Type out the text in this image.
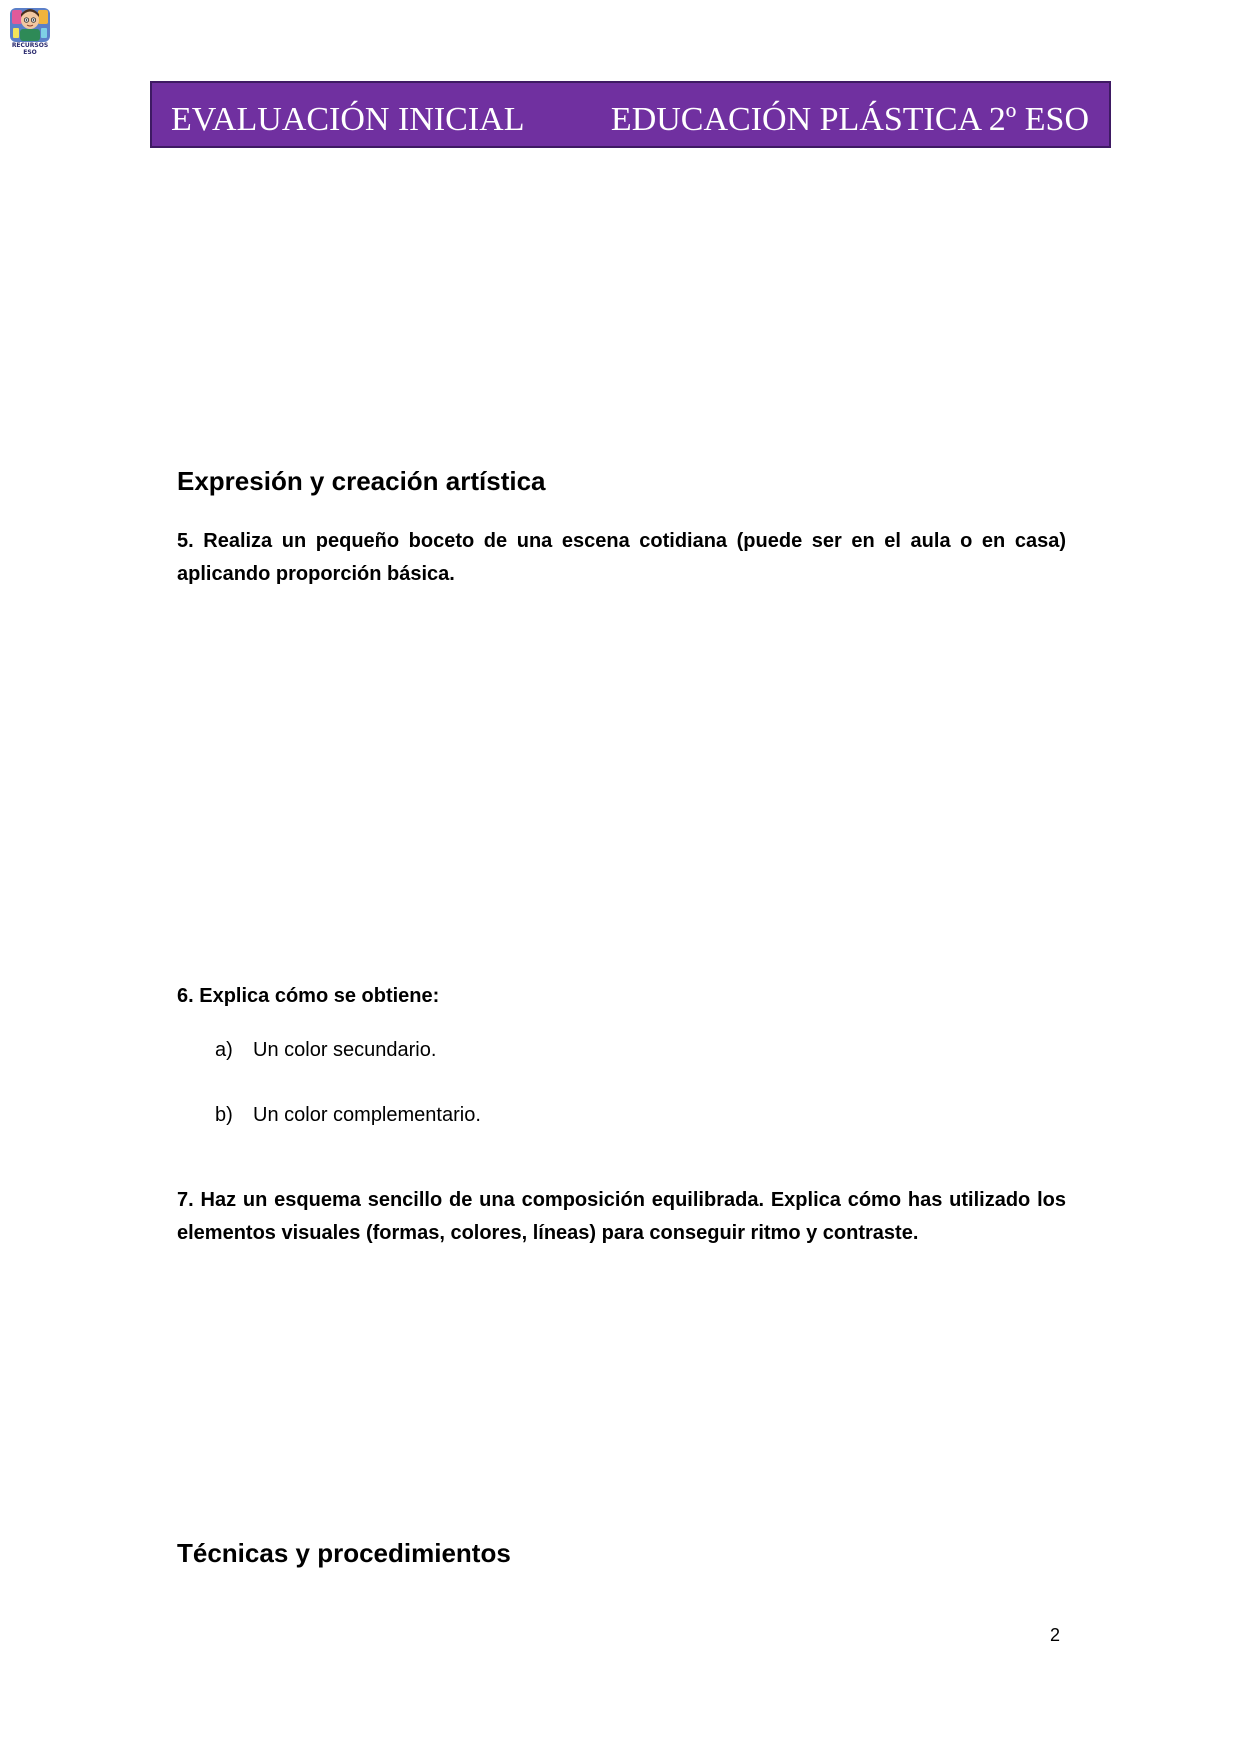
RECURSOS ESO
EVALUACIÓN INICIAL	EDUCACIÓN PLÁSTICA 2º ESO
Expresión y creación artística
5. Realiza un pequeño boceto de una escena cotidiana (puede ser en el aula o en casa) aplicando proporción básica.
6. Explica cómo se obtiene:
a) Un color secundario.
b) Un color complementario.
7. Haz un esquema sencillo de una composición equilibrada. Explica cómo has utilizado los elementos visuales (formas, colores, líneas) para conseguir ritmo y contraste.
Técnicas y procedimientos
2
